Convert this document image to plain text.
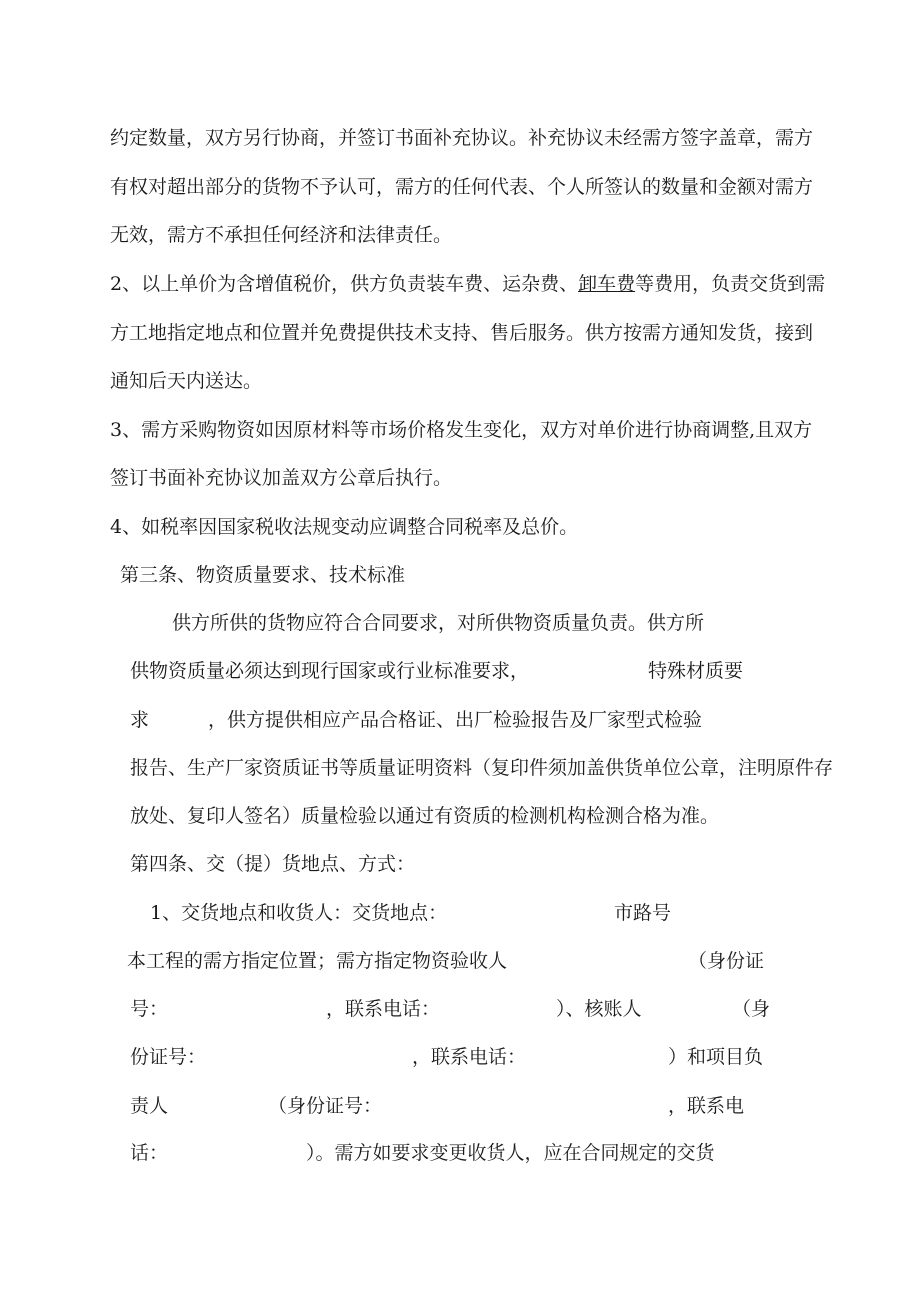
约定数量，双方另行协商，并签订书面补充协议。补充协议未经需方签字盖章，需方
有权对超出部分的货物不予认可，需方的任何代表、个人所签认的数量和金额对需方
无效，需方不承担任何经济和法律责任。
2、以上单价为含增值税价，供方负责装车费、运杂费、卸车费等费用，负责交货到需
方工地指定地点和位置并免费提供技术支持、售后服务。供方按需方通知发货，接到
通知后天内送达。
3、需方采购物资如因原材料等市场价格发生变化，双方对单价进行协商调整,且双方
签订书面补充协议加盖双方公章后执行。
4、如税率因国家税收法规变动应调整合同税率及总价。
第三条、物资质量要求、技术标准
供方所供的货物应符合合同要求，对所供物资质量负责。供方所
供物资质量必须达到现行国家或行业标准要求，	特殊材质要
求	，供方提供相应产品合格证、出厂检验报告及厂家型式检验
报告、生产厂家资质证书等质量证明资料（复印件须加盖供货单位公章，注明原件存
放处、复印人签名）质量检验以通过有资质的检测机构检测合格为准。
第四条、交（提）货地点、方式：
1、交货地点和收货人：交货地点：	市路号
本工程的需方指定位置；需方指定物资验收人	（身份证
号：	，联系电话：	）、核账人	（身
份证号：	，联系电话：	）和项目负
责人	（身份证号：	，联系电
话：	）。需方如要求变更收货人，应在合同规定的交货
